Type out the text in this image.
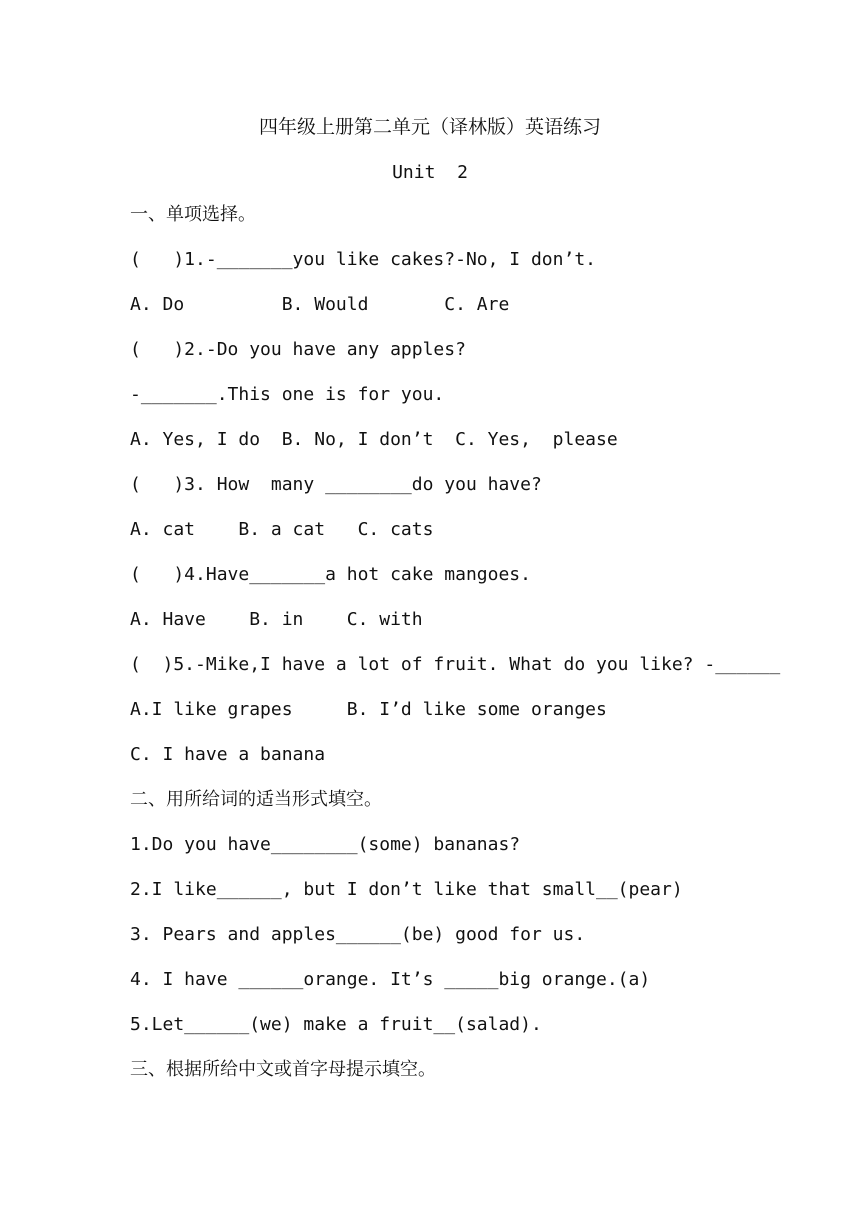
四年级上册第二单元（译林版）英语练习
Unit  2
一、单项选择。
(   )1.-_______you like cakes?-No, I don’t.
A. Do         B. Would       C. Are
(   )2.-Do you have any apples?
-_______.This one is for you.
A. Yes, I do  B. No, I don’t  C. Yes,  please
(   )3. How  many ________do you have?
A. cat    B. a cat   C. cats
(   )4.Have_______a hot cake mangoes.
A. Have    B. in    C. with
(  )5.-Mike,I have a lot of fruit. What do you like? -______
A.I like grapes     B. I’d like some oranges
C. I have a banana
二、用所给词的适当形式填空。
1.Do you have________(some) bananas?
2.I like______, but I don’t like that small__(pear)
3. Pears and apples______(be) good for us.
4. I have ______orange. It’s _____big orange.(a)
5.Let______(we) make a fruit__(salad).
三、根据所给中文或首字母提示填空。
